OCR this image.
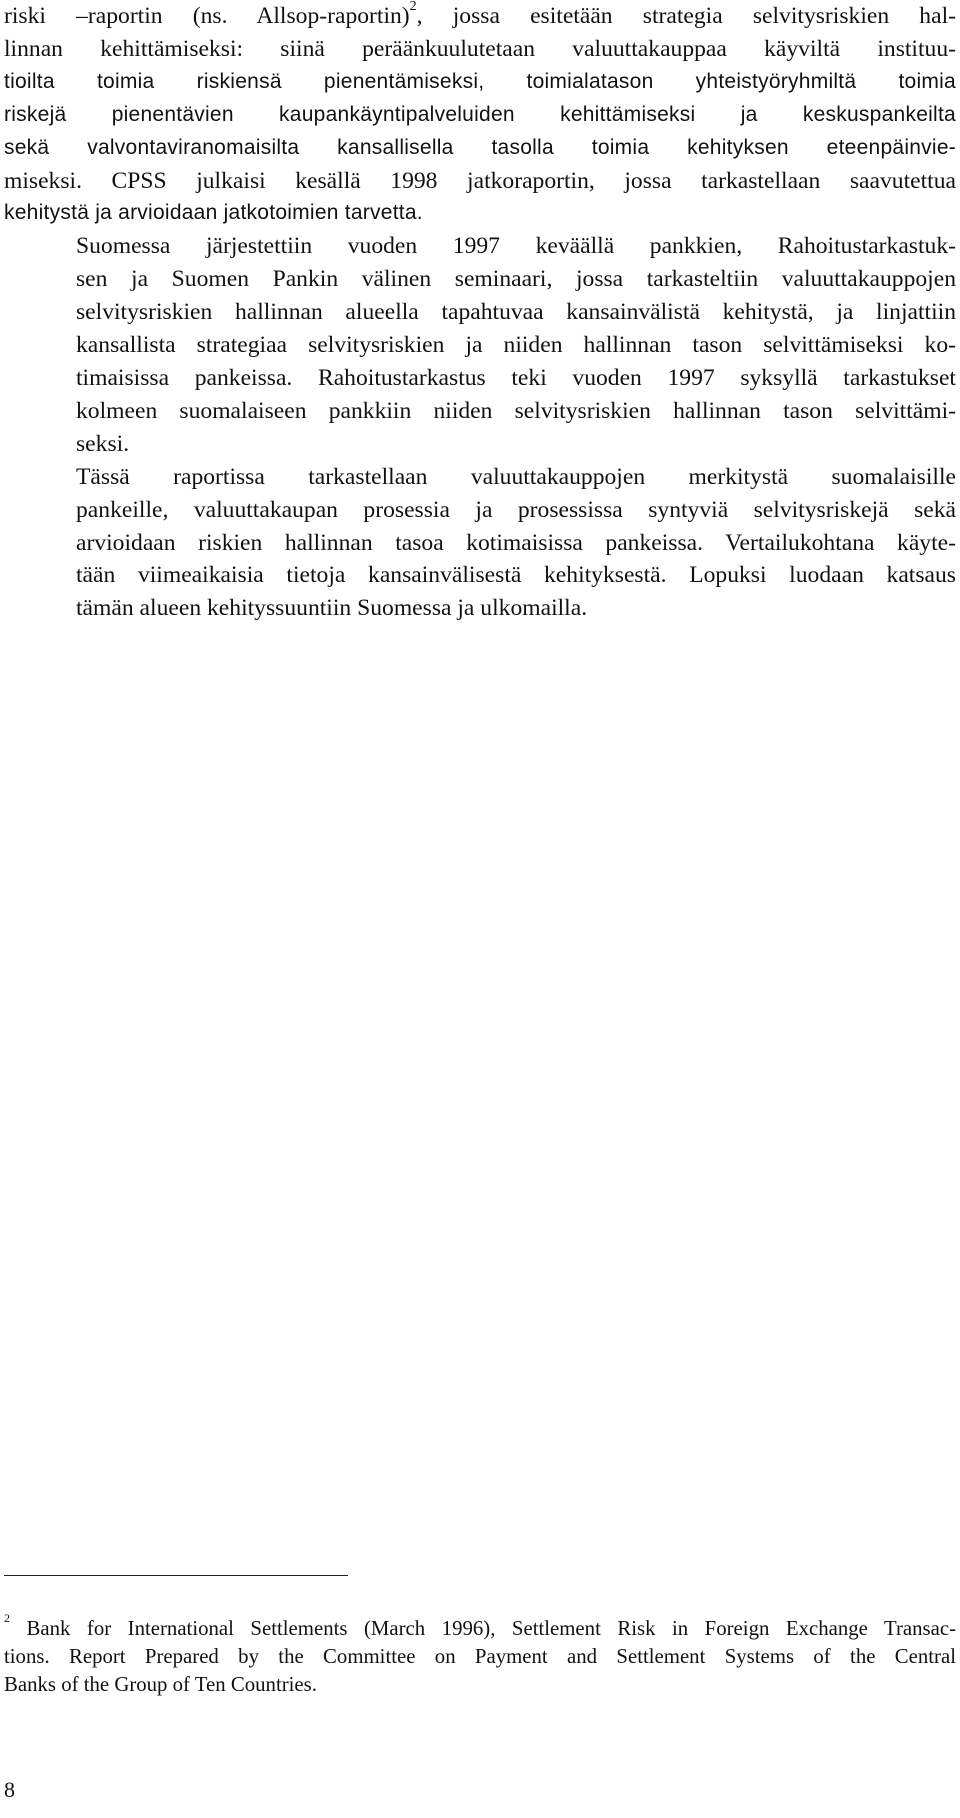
riski –raportin (ns. Allsop-raportin)$^2$, jossa esitetään strategia selvitysriskien hal-
linnan kehittämiseksi: siinä peräänkuulutetaan valuuttakauppaa käyviltä instituu-
tioilta toimia riskiensä pienentämiseksi, toimialatason yhteistyöryhmiltä toimia
riskejä pienentävien kaupankäyntipalveluiden kehittämiseksi ja keskuspankeilta
sekä valvontaviranomaisilta kansallisella tasolla toimia kehityksen eteenpäinvie-
miseksi. CPSS julkaisi kesällä 1998 jatkoraportin, jossa tarkastellaan saavutettua
kehitystä ja arvioidaan jatkotoimien tarvetta.

Suomessa järjestettiin vuoden 1997 keväällä pankkien, Rahoitustarkastuk-
sen ja Suomen Pankin välinen seminaari, jossa tarkasteltiin valuuttakauppojen
selvitysriskien hallinnan alueella tapahtuvaa kansainvälistä kehitystä, ja linjattiin
kansallista strategiaa selvitysriskien ja niiden hallinnan tason selvittämiseksi ko-
timaisissa pankeissa. Rahoitustarkastus teki vuoden 1997 syksyllä tarkastukset
kolmeen suomalaiseen pankkiin niiden selvitysriskien hallinnan tason selvittämi-
seksi.

Tässä raportissa tarkastellaan valuuttakauppojen merkitystä suomalaisille
pankeille, valuuttakaupan prosessia ja prosessissa syntyviä selvitysriskejä sekä
arvioidaan riskien hallinnan tasoa kotimaisissa pankeissa. Vertailukohtana käyte-
tään viimeaikaisia tietoja kansainvälisestä kehityksestä. Lopuksi luodaan katsaus
tämän alueen kehityssuuntiin Suomessa ja ulkomailla.

$^2$ Bank for International Settlements (March 1996), Settlement Risk in Foreign Exchange Transac-
tions. Report Prepared by the Committee on Payment and Settlement Systems of the Central
Banks of the Group of Ten Countries.
8
